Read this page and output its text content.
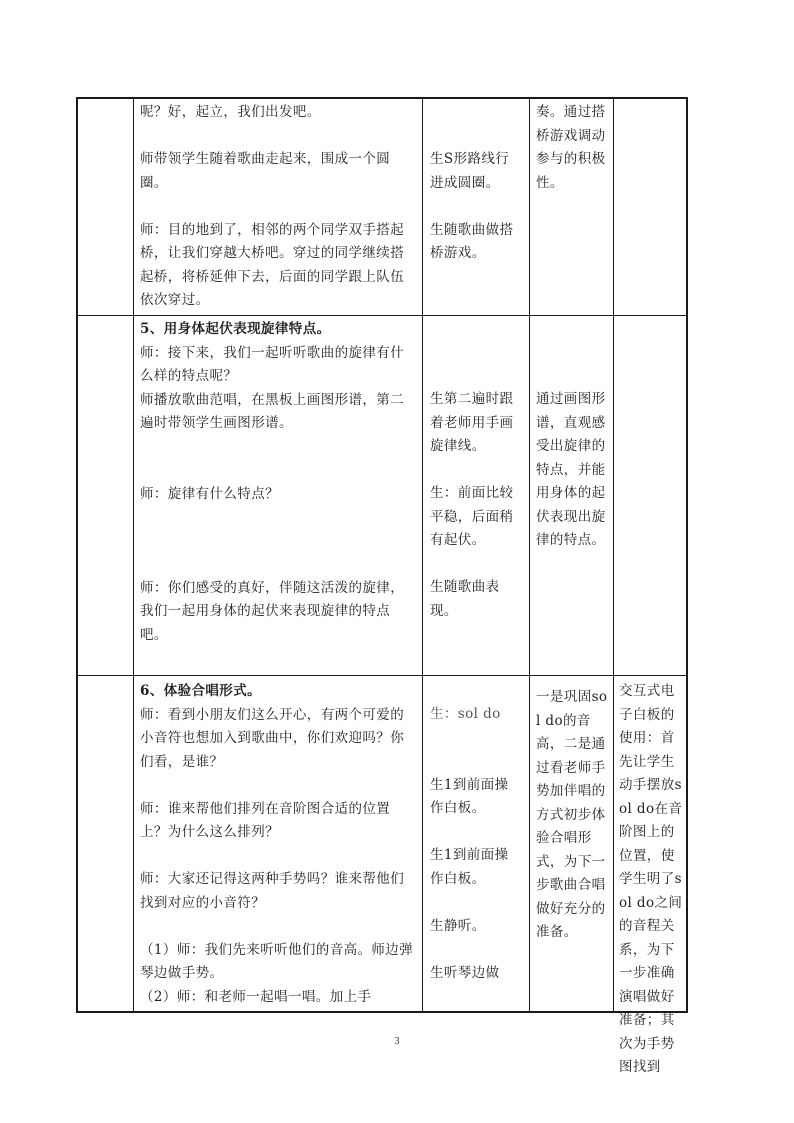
呢？好，起立，我们出发吧。

师带领学生随着歌曲走起来，围成一个圆圈。

师：目的地到了，相邻的两个同学双手搭起桥，让我们穿越大桥吧。穿过的同学继续搭起桥，将桥延伸下去，后面的同学跟上队伍依次穿过。

生S形路线行进成圆圈。

生随歌曲做搭桥游戏。

奏。通过搭桥游戏调动参与的积极性。

5、用身体起伏表现旋律特点。

师：接下来，我们一起听听歌曲的旋律有什么样的特点呢？

师播放歌曲范唱，在黑板上画图形谱，第二遍时带领学生画图形谱。

师：旋律有什么特点？

师：你们感受的真好，伴随这活泼的旋律，我们一起用身体的起伏来表现旋律的特点吧。

生第二遍时跟着老师用手画旋律线。

生：前面比较平稳，后面稍有起伏。

生随歌曲表现。

通过画图形谱，直观感受出旋律的特点，并能用身体的起伏表现出旋律的特点。

6、体验合唱形式。

师：看到小朋友们这么开心，有两个可爱的小音符也想加入到歌曲中，你们欢迎吗？你们看，是谁？

师：谁来帮他们排列在音阶图合适的位置上？为什么这么排列？

师：大家还记得这两种手势吗？谁来帮他们找到对应的小音符？

（1）师：我们先来听听他们的音高。师边弹琴边做手势。

（2）师：和老师一起唱一唱。加上手

生：sol do

生1到前面操作白板。

生1到前面操作白板。

生静听。

生听琴边做

一是巩固sol do的音高，二是通过看老师手势加伴唱的方式初步体验合唱形式，为下一步歌曲合唱做好充分的准备。

交互式电子白板的使用：首先让学生动手摆放sol do在音阶图上的位置，使学生明了sol do之间的音程关系，为下一步准确演唱做好准备；其次为手势图找到

3
